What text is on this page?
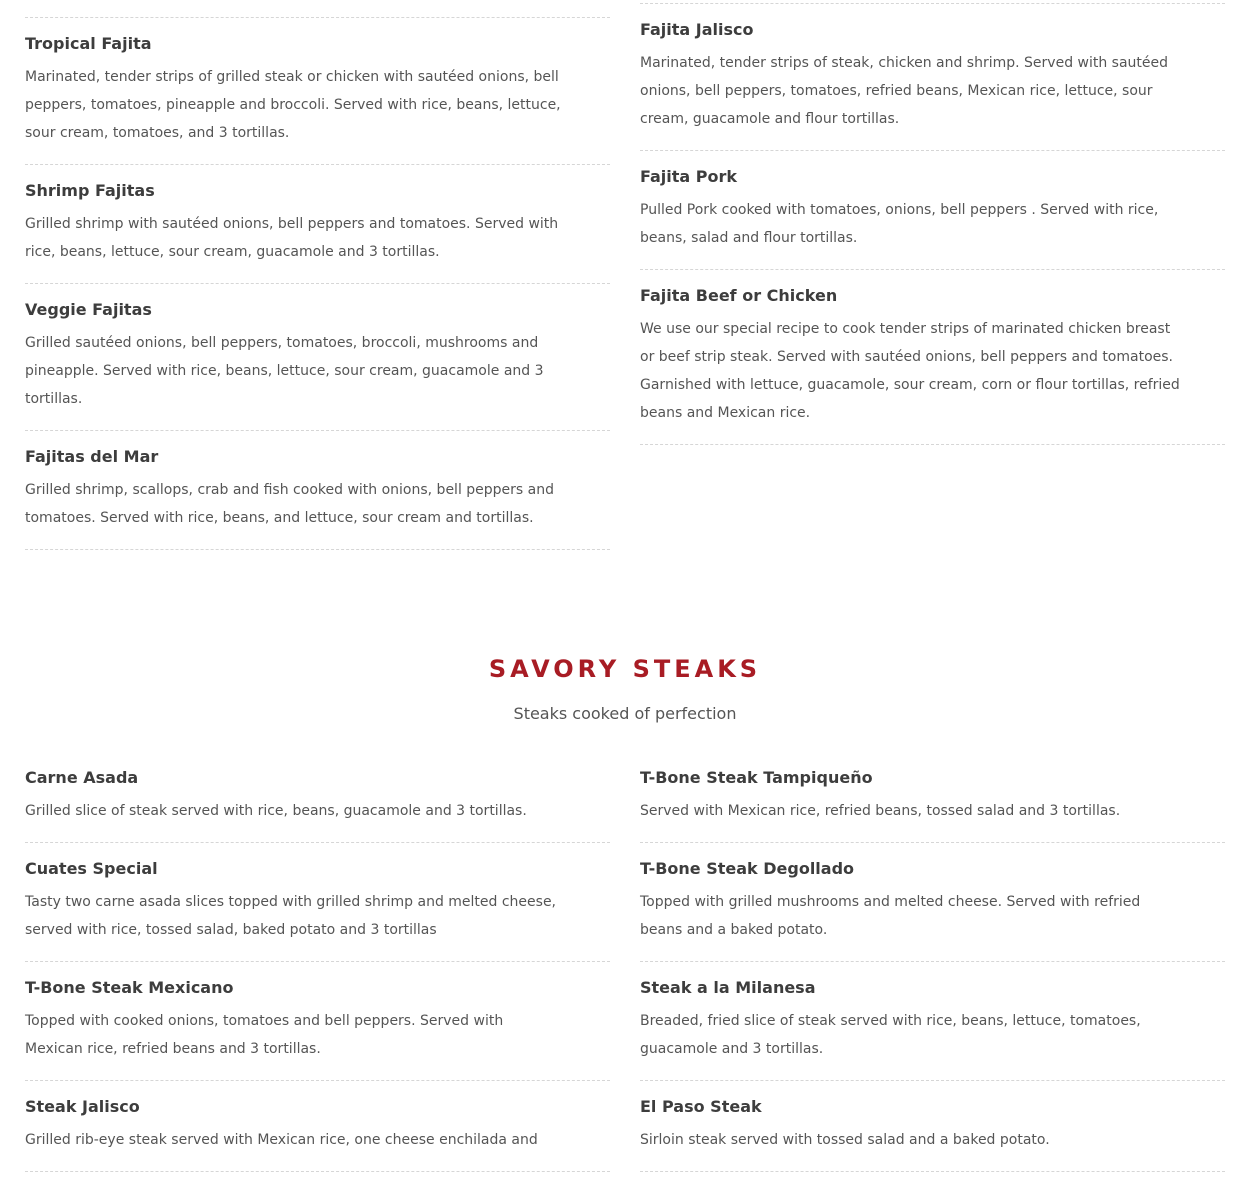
Tropical Fajita
Marinated, tender strips of grilled steak or chicken with sautéed onions, bell peppers, tomatoes, pineapple and broccoli. Served with rice, beans, lettuce, sour cream, tomatoes, and 3 tortillas.
Shrimp Fajitas
Grilled shrimp with sautéed onions, bell peppers and tomatoes. Served with rice, beans, lettuce, sour cream, guacamole and 3 tortillas.
Veggie Fajitas
Grilled sautéed onions, bell peppers, tomatoes, broccoli, mushrooms and pineapple. Served with rice, beans, lettuce, sour cream, guacamole and 3 tortillas.
Fajitas del Mar
Grilled shrimp, scallops, crab and fish cooked with onions, bell peppers and tomatoes. Served with rice, beans, and lettuce, sour cream and tortillas.
Fajita Jalisco
Marinated, tender strips of steak, chicken and shrimp. Served with sautéed onions, bell peppers, tomatoes, refried beans, Mexican rice, lettuce, sour cream, guacamole and flour tortillas.
Fajita Pork
Pulled Pork cooked with tomatoes, onions, bell peppers . Served with rice, beans, salad and flour tortillas.
Fajita Beef or Chicken
We use our special recipe to cook tender strips of marinated chicken breast or beef strip steak. Served with sautéed onions, bell peppers and tomatoes. Garnished with lettuce, guacamole, sour cream, corn or flour tortillas, refried beans and Mexican rice.
SAVORY STEAKS
Steaks cooked of perfection
Carne Asada
Grilled slice of steak served with rice, beans, guacamole and 3 tortillas.
Cuates Special
Tasty two carne asada slices topped with grilled shrimp and melted cheese, served with rice, tossed salad, baked potato and 3 tortillas
T-Bone Steak Mexicano
Topped with cooked onions, tomatoes and bell peppers. Served with Mexican rice, refried beans and 3 tortillas.
Steak Jalisco
Grilled rib-eye steak served with Mexican rice, one cheese enchilada and
T-Bone Steak Tampiqueño
Served with Mexican rice, refried beans, tossed salad and 3 tortillas.
T-Bone Steak Degollado
Topped with grilled mushrooms and melted cheese. Served with refried beans and a baked potato.
Steak a la Milanesa
Breaded, fried slice of steak served with rice, beans, lettuce, tomatoes, guacamole and 3 tortillas.
El Paso Steak
Sirloin steak served with tossed salad and a baked potato.
